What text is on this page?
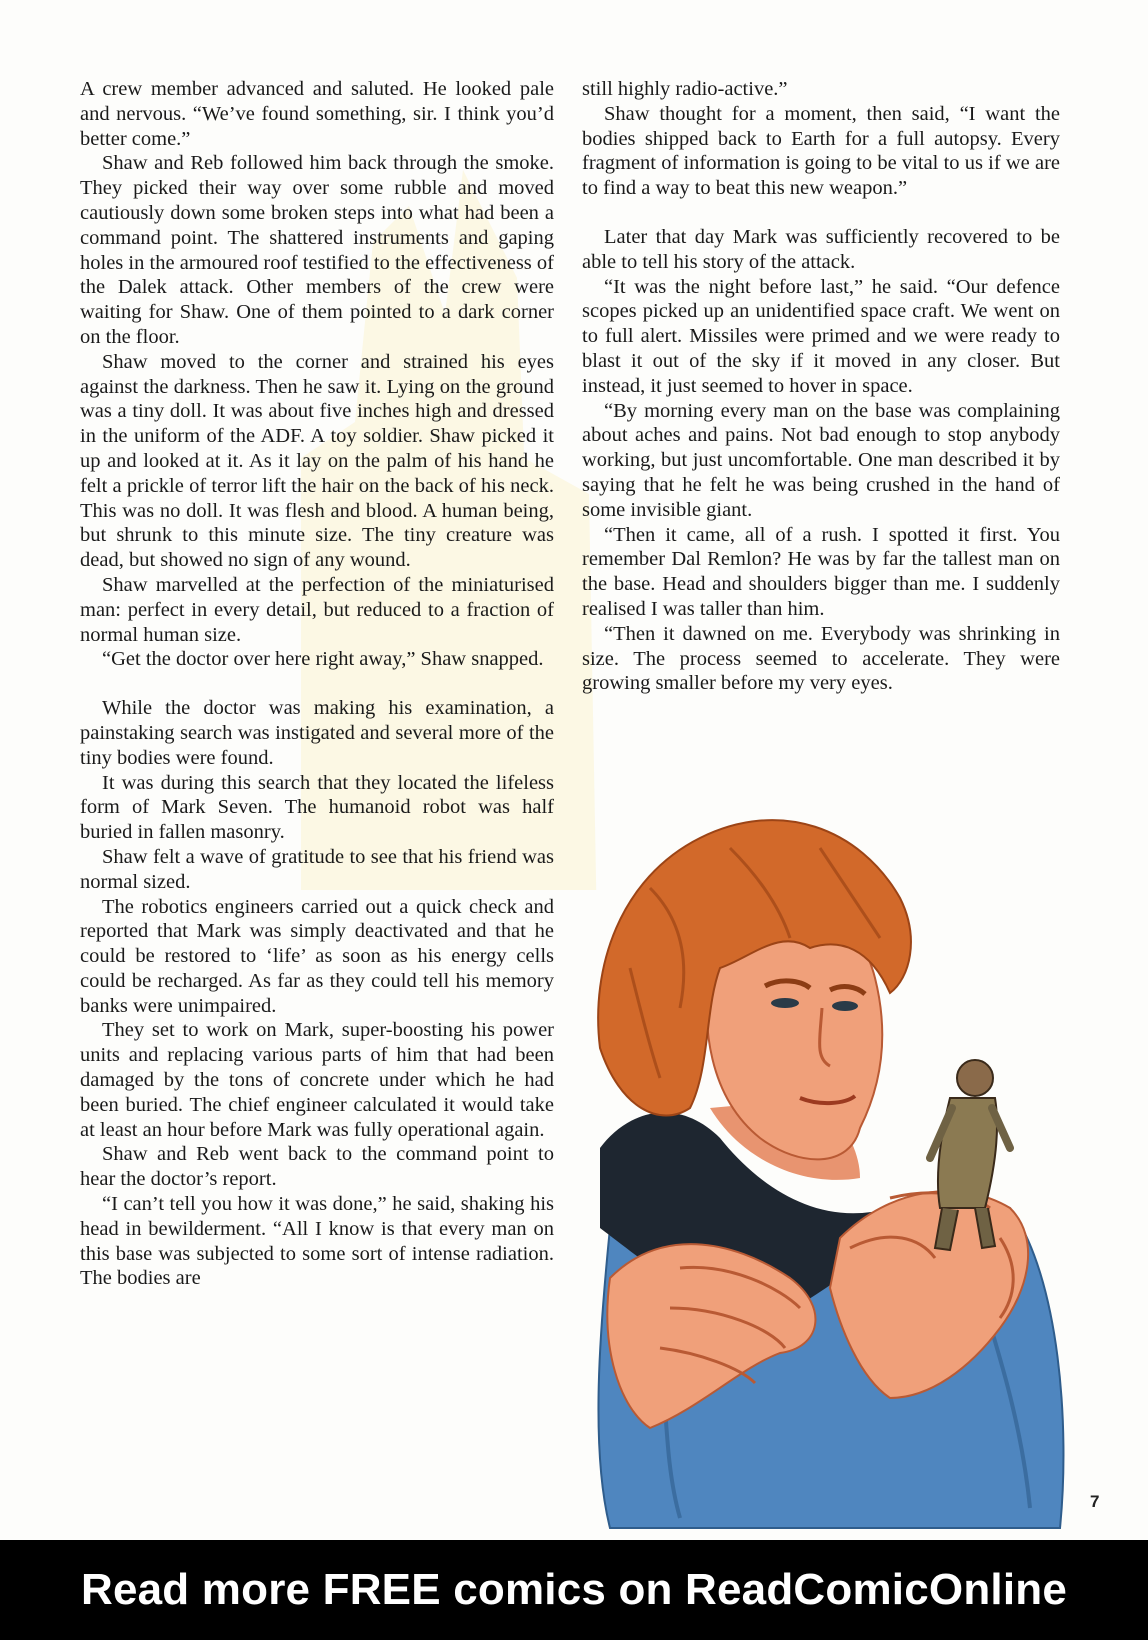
A crew member advanced and saluted. He looked pale and nervous. “We’ve found something, sir. I think you’d better come.”

Shaw and Reb followed him back through the smoke. They picked their way over some rubble and moved cautiously down some broken steps into what had been a command point. The shattered instruments and gaping holes in the armoured roof testified to the effectiveness of the Dalek attack. Other members of the crew were waiting for Shaw. One of them pointed to a dark corner on the floor.

Shaw moved to the corner and strained his eyes against the darkness. Then he saw it. Lying on the ground was a tiny doll. It was about five inches high and dressed in the uniform of the ADF. A toy soldier. Shaw picked it up and looked at it. As it lay on the palm of his hand he felt a prickle of terror lift the hair on the back of his neck. This was no doll. It was flesh and blood. A human being, but shrunk to this minute size. The tiny creature was dead, but showed no sign of any wound.

Shaw marvelled at the perfection of the miniaturised man: perfect in every detail, but reduced to a fraction of normal human size.

“Get the doctor over here right away,” Shaw snapped.

While the doctor was making his examination, a painstaking search was instigated and several more of the tiny bodies were found.

It was during this search that they located the lifeless form of Mark Seven. The humanoid robot was half buried in fallen masonry.

Shaw felt a wave of gratitude to see that his friend was normal sized.

The robotics engineers carried out a quick check and reported that Mark was simply deactivated and that he could be restored to ‘life’ as soon as his energy cells could be recharged. As far as they could tell his memory banks were unimpaired.

They set to work on Mark, super-boosting his power units and replacing various parts of him that had been damaged by the tons of concrete under which he had been buried. The chief engineer calculated it would take at least an hour before Mark was fully operational again.

Shaw and Reb went back to the command point to hear the doctor’s report.

“I can’t tell you how it was done,” he said, shaking his head in bewilderment. “All I know is that every man on this base was subjected to some sort of intense radiation. The bodies are

still highly radio-active.”

Shaw thought for a moment, then said, “I want the bodies shipped back to Earth for a full autopsy. Every fragment of information is going to be vital to us if we are to find a way to beat this new weapon.”

Later that day Mark was sufficiently recovered to be able to tell his story of the attack.

“It was the night before last,” he said. “Our defence scopes picked up an unidentified space craft. We went on to full alert. Missiles were primed and we were ready to blast it out of the sky if it moved in any closer. But instead, it just seemed to hover in space.

“By morning every man on the base was complaining about aches and pains. Not bad enough to stop anybody working, but just uncomfortable. One man described it by saying that he felt he was being crushed in the hand of some invisible giant.

“Then it came, all of a rush. I spotted it first. You remember Dal Remlon? He was by far the tallest man on the base. Head and shoulders bigger than me. I suddenly realised I was taller than him.

“Then it dawned on me. Everybody was shrinking in size. The process seemed to accelerate. They were growing smaller before my very eyes.

7
Read more FREE comics on ReadComicOnline
